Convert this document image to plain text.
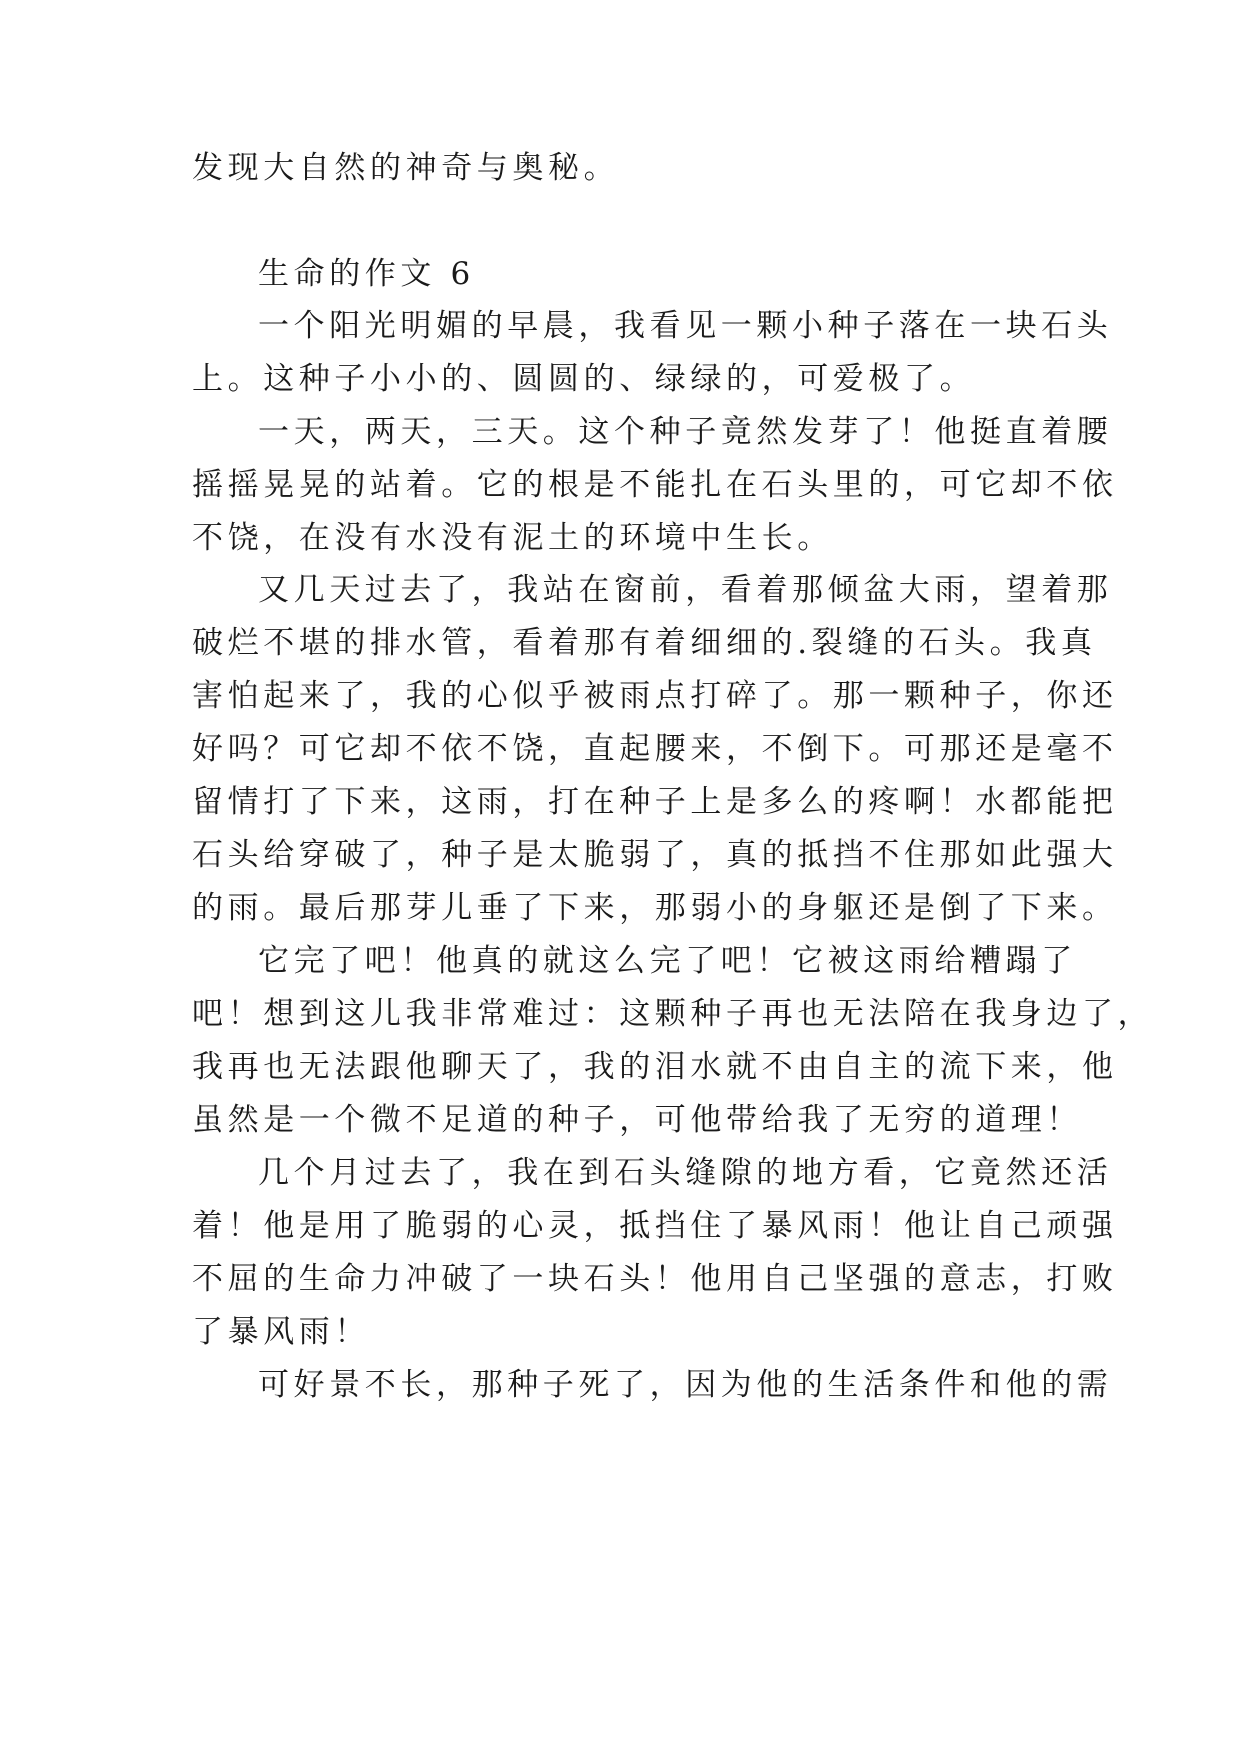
发现大自然的神奇与奥秘。
生命的作文 6
一个阳光明媚的早晨，我看见一颗小种子落在一块石头
上。这种子小小的、圆圆的、绿绿的，可爱极了。
一天，两天，三天。这个种子竟然发芽了！他挺直着腰
摇摇晃晃的站着。它的根是不能扎在石头里的，可它却不依
不饶，在没有水没有泥土的环境中生长。
又几天过去了，我站在窗前，看着那倾盆大雨，望着那
破烂不堪的排水管，看着那有着细细的.裂缝的石头。我真
害怕起来了，我的心似乎被雨点打碎了。那一颗种子，你还
好吗？可它却不依不饶，直起腰来，不倒下。可那还是毫不
留情打了下来，这雨，打在种子上是多么的疼啊！水都能把
石头给穿破了，种子是太脆弱了，真的抵挡不住那如此强大
的雨。最后那芽儿垂了下来，那弱小的身躯还是倒了下来。
它完了吧！他真的就这么完了吧！它被这雨给糟蹋了
吧！想到这儿我非常难过：这颗种子再也无法陪在我身边了，
我再也无法跟他聊天了，我的泪水就不由自主的流下来，他
虽然是一个微不足道的种子，可他带给我了无穷的道理！
几个月过去了，我在到石头缝隙的地方看，它竟然还活
着！他是用了脆弱的心灵，抵挡住了暴风雨！他让自己顽强
不屈的生命力冲破了一块石头！他用自己坚强的意志，打败
了暴风雨！
可好景不长，那种子死了，因为他的生活条件和他的需
